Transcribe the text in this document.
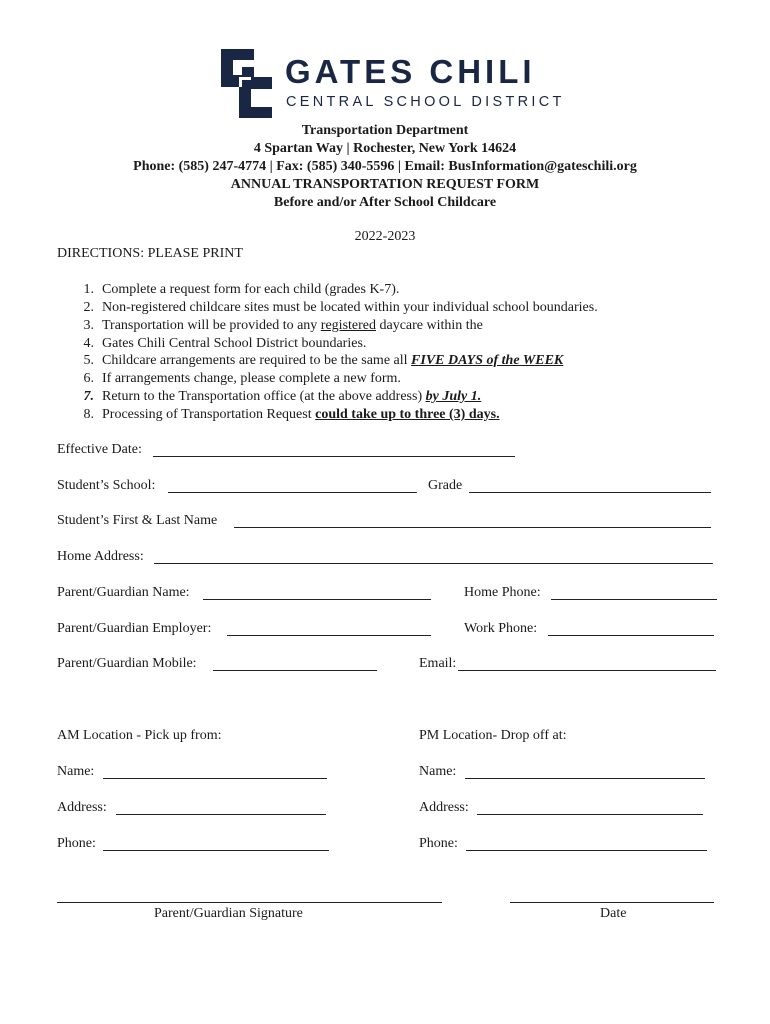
GATES CHILI
CENTRAL SCHOOL DISTRICT
Transportation Department
4 Spartan Way | Rochester, New York 14624
Phone: (585) 247-4774 | Fax: (585) 340-5596 | Email: BusInformation@gateschili.org
ANNUAL TRANSPORTATION REQUEST FORM
Before and/or After School Childcare
2022-2023
DIRECTIONS: PLEASE PRINT
1. Complete a request form for each child (grades K-7).
2. Non-registered childcare sites must be located within your individual school boundaries.
3. Transportation will be provided to any registered daycare within the
4. Gates Chili Central School District boundaries.
5. Childcare arrangements are required to be the same all FIVE DAYS of the WEEK
6. If arrangements change, please complete a new form.
7. Return to the Transportation office (at the above address) by July 1.
8. Processing of Transportation Request could take up to three (3) days.
Effective Date:
Student’s School:	Grade
Student’s First & Last Name
Home Address:
Parent/Guardian Name:	Home Phone:
Parent/Guardian Employer:	Work Phone:
Parent/Guardian Mobile:	Email:
AM Location - Pick up from:	PM Location- Drop off at:
Name:	Name:
Address:	Address:
Phone:	Phone:
Parent/Guardian Signature	Date
